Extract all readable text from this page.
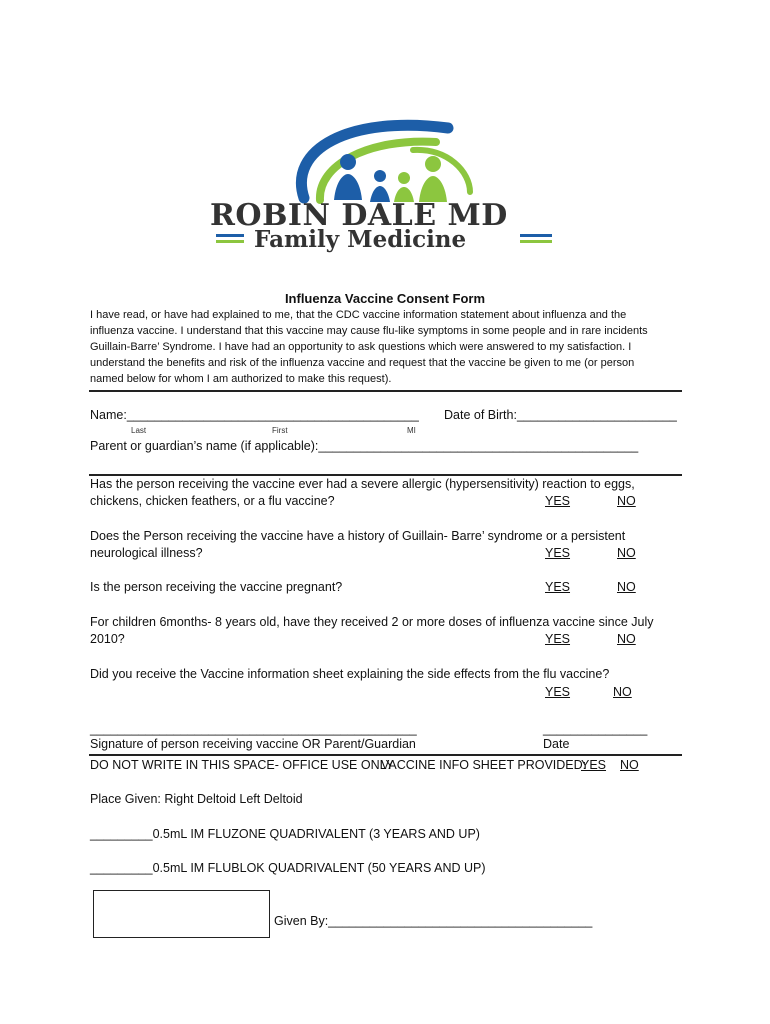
ROBIN DALE MD
Family Medicine
Influenza Vaccine Consent Form
I have read, or have had explained to me, that the CDC vaccine information statement about influenza and the
influenza vaccine. I understand that this vaccine may cause flu-like symptoms in some people and in rare incidents
Guillain-Barre’ Syndrome. I have had an opportunity to ask questions which were answered to my satisfaction. I
understand the benefits and risk of the influenza vaccine and request that the vaccine be given to me (or person
named below for whom I am authorized to make this request).
Name:__________________________________________ Date of Birth:_______________________
Last	First	MI
Parent or guardian’s name (if applicable):______________________________________________
Has the person receiving the vaccine ever had a severe allergic (hypersensitivity) reaction to eggs,
chickens, chicken feathers, or a flu vaccine?	YES	NO
Does the Person receiving the vaccine have a history of Guillain- Barre’ syndrome or a persistent
neurological illness?	YES	NO
Is the person receiving the vaccine pregnant?	YES	NO
For children 6months- 8 years old, have they received 2 or more doses of influenza vaccine since July
2010?	YES	NO
Did you receive the Vaccine information sheet explaining the side effects from the flu vaccine?
YES	NO
_______________________________________________	_______________
Signature of person receiving vaccine OR Parent/Guardian	Date
DO NOT WRITE IN THIS SPACE- OFFICE USE ONLY
VACCINE INFO SHEET PROVIDED:
YES NO
Place Given: Right Deltoid Left Deltoid
_________0.5mL IM FLUZONE QUADRIVALENT (3 YEARS AND UP)
_________0.5mL IM FLUBLOK QUADRIVALENT (50 YEARS AND UP)
Given By:______________________________________
